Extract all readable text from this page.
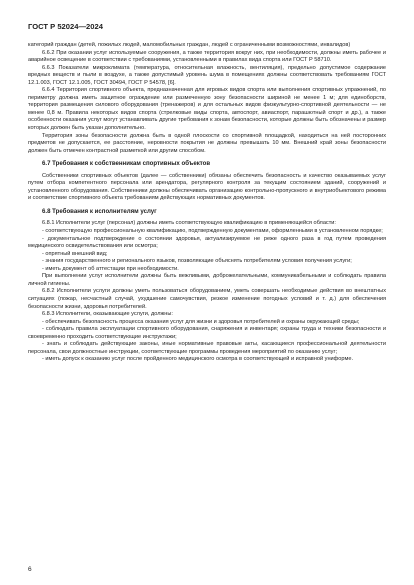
ГОСТ Р 52024—2024

категорий граждан (детей, пожилых людей, маломобильных граждан, людей с ограниченными возможностями, инвалидов)

6.6.2 При оказании услуг используемые сооружения, а также территория вокруг них, при необходимости, должны иметь рабочее и аварийное освещение в соответствии с требованиями, установленными в правилах вида спорта или ГОСТ Р 58710.

6.6.3 Показатели микроклимата (температура, относительная влажность, вентиляция), предельно допустимое содержание вредных веществ и пыли в воздухе, а также допустимый уровень шума в помещениях должны соответствовать требованиям ГОСТ 12.1.003, ГОСТ 12.1.005, ГОСТ 30494, ГОСТ Р 54578, [6].

6.6.4 Территория спортивного объекта, предназначенная для игровых видов спорта или выполнения спортивных упражнений, по периметру должна иметь защитное ограждение или размеченную зону безопасности шириной не менее 1 м; для единоборств, территория размещения силового оборудования (тренажеров) и для остальных видов физкультурно-спортивной деятельности — не менее 0,8 м. Правила некоторых видов спорта (стрелковые виды спорта, автоспорт, авиаспорт, парашютный спорт и др.), а также особенности оказания услуг могут устанавливать другие требования к зонам безопасности, которые должны быть обозначены и размер которых должен быть указан дополнительно.

Территория зоны безопасности должна быть в одной плоскости со спортивной площадкой, находиться на ней посторонних предметов не допускается, ее расстояние, неровности покрытия не должны превышать 10 мм. Внешний край зоны безопасности должен быть отмечен контрастной разметкой или другим способом.

6.7 Требования к собственникам спортивных объектов

Собственники спортивных объектов (далее — собственники) обязаны обеспечить безопасность и качество оказываемых услуг путем отбора компетентного персонала или арендатора, регулярного контроля за текущим состоянием зданий, сооружений и установленного оборудования. Собственники должны обеспечивать организацию контрольно-пропускного и внутриобъектового режима и соответствие спортивного объекта требованиям действующих нормативных документов.

6.8 Требования к исполнителям услуг

6.8.1 Исполнители услуг (персонал) должны иметь соответствующую квалификацию в применяющейся области:

- соответствующую профессиональную квалификацию, подтвержденную документами, оформленными в установленном порядке;

- документальное подтверждение о состоянии здоровья, актуализируемое не реже одного раза в год путем проведения медицинского освидетельствования или осмотра;

- опрятный внешний вид;

- знания государственного и регионального языков, позволяющие объяснять потребителям условия получения услуги;

- иметь документ об аттестации при необходимости.

При выполнении услуг исполнители должны быть вежливыми, доброжелательными, коммуникабельными и соблюдать правила личной гигиены.

6.8.2 Исполнители услуги должны уметь пользоваться оборудованием, уметь совершать необходимые действия во внештатных ситуациях (пожар, несчастный случай, ухудшение самочувствия, резкое изменение погодных условий и т. д.) для обеспечения безопасности жизни, здоровья потребителей.

6.8.3 Исполнители, оказывающие услуги, должны:

- обеспечивать безопасность процесса оказания услуг для жизни и здоровья потребителей и охраны окружающей среды;

- соблюдать правила эксплуатации спортивного оборудования, снаряжения и инвентаря; охраны труда и техники безопасности и своевременно проходить соответствующие инструктажи;

- знать и соблюдать действующие законы, иные нормативные правовые акты, касающиеся профессиональной деятельности персонала, свои должностные инструкции, соответствующие программы проведения мероприятий по оказанию услуг;

- иметь допуск к оказанию услуг после пройденного медицинского осмотра в соответствующей и исправной униформе.

6
